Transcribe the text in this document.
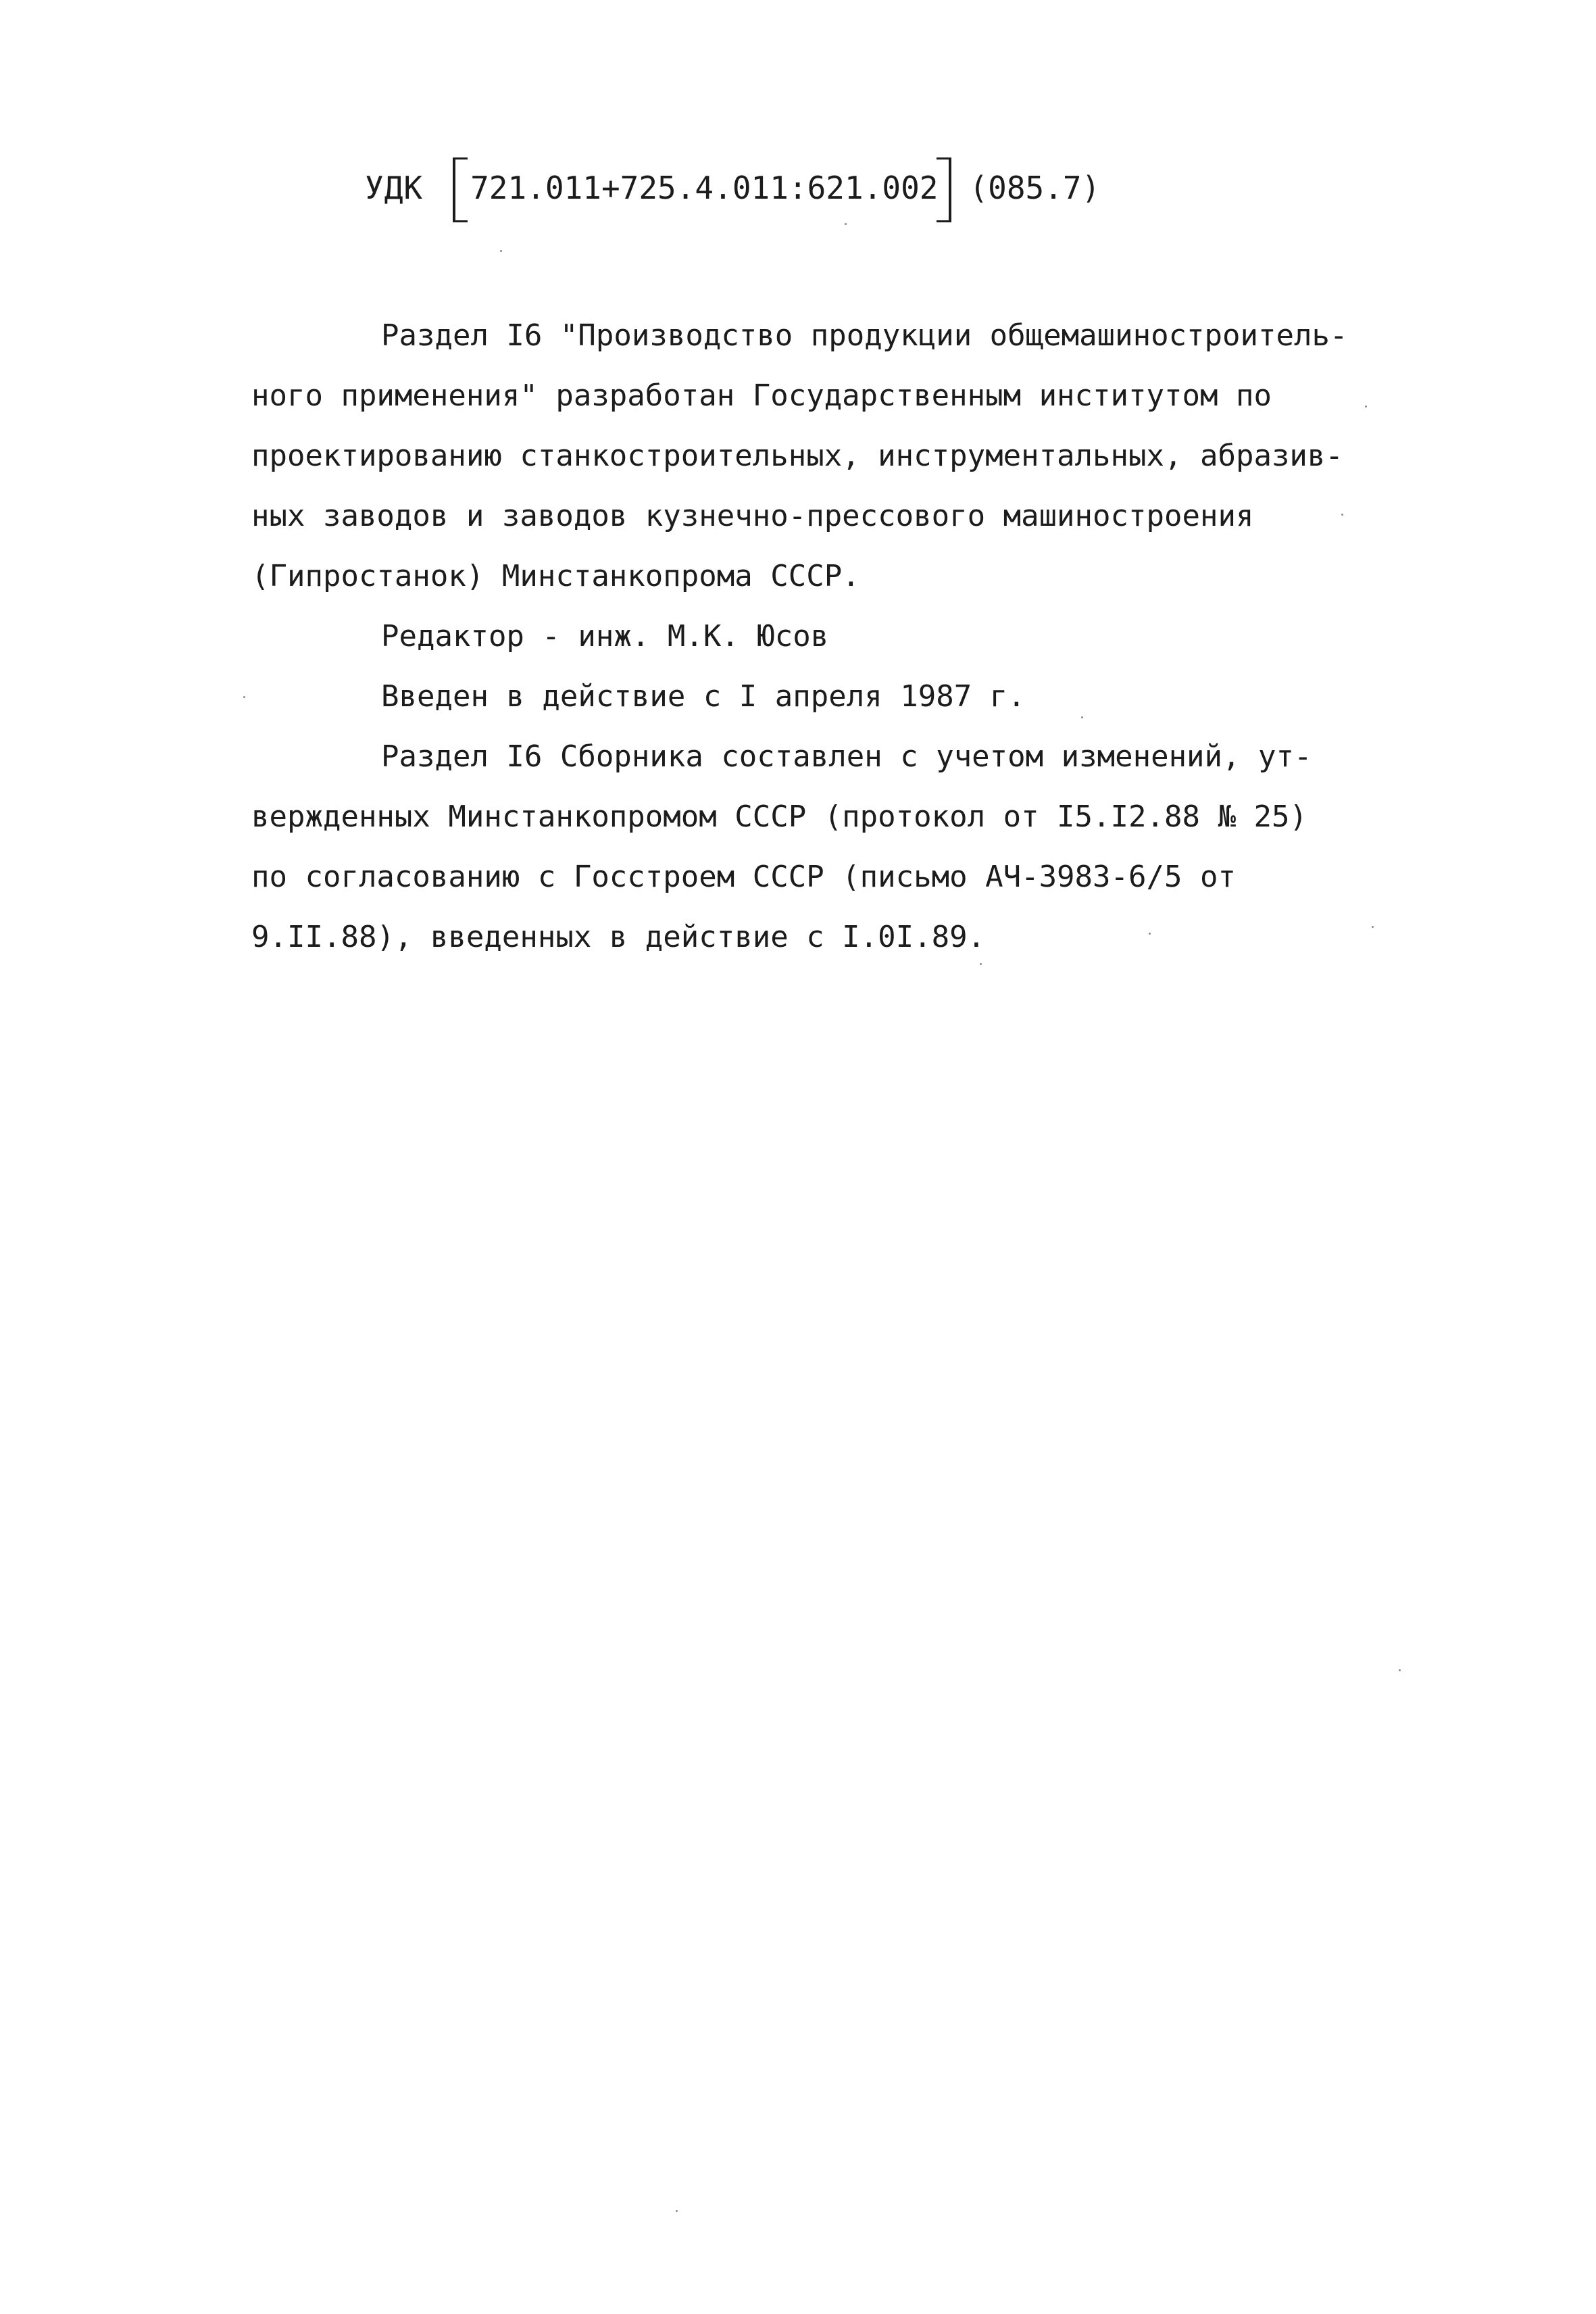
УДК	721.011+725.4.011:621.002	(085.7)
Раздел I6 "Производство продукции общемашиностроитель-
ного применения" разработан Государственным институтом по
проектированию станкостроительных, инструментальных, абразив-
ных заводов и заводов кузнечно-прессового машиностроения
(Гипростанок) Минстанкопрома СССР.
Редактор - инж. М.К. Юсов
Введен в действие с I апреля 1987 г.
Раздел I6 Сборника составлен с учетом изменений, ут-
вержденных Минстанкопромом СССР (протокол от I5.I2.88 № 25)
по согласованию с Госстроем СССР (письмо АЧ-3983-6/5 от
9.II.88), введенных в действие с I.0I.89.
